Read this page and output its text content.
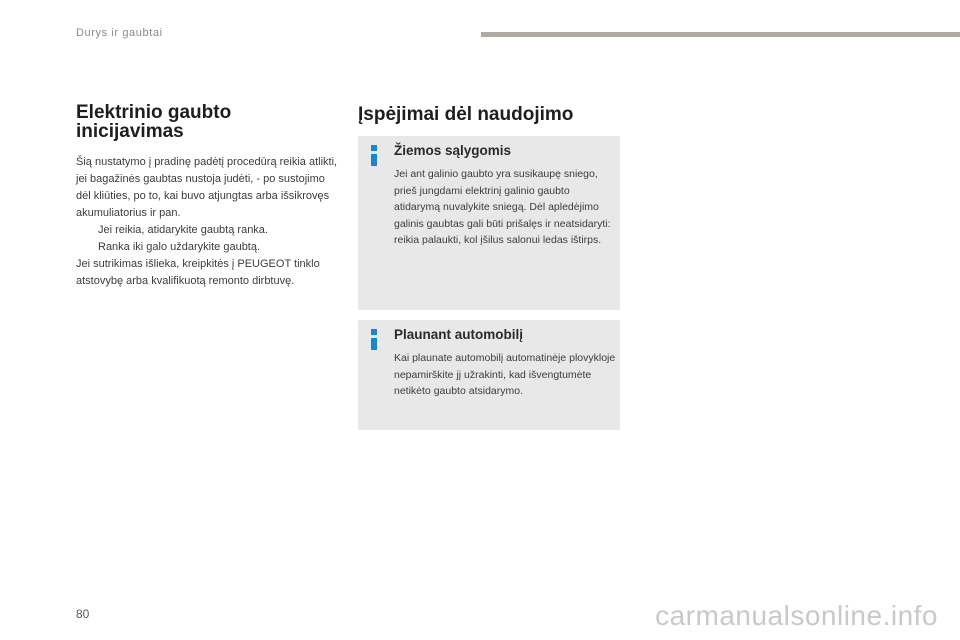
Durys ir gaubtai
Elektrinio gaubto
inicijavimas

Šią nustatymo į pradinę padėtį procedūrą reikia atlikti, jei bagažinės gaubtas nustoja judėti, - po sustojimo dėl kliūties, po to, kai buvo atjungtas arba išsikrovęs akumuliatorius ir pan.

Jei reikia, atidarykite gaubtą ranka.
Ranka iki galo uždarykite gaubtą.

Jei sutrikimas išlieka, kreipkitės į PEUGEOT tinklo atstovybę arba kvalifikuotą remonto dirbtuvę.

Įspėjimai dėl naudojimo
Žiemos sąlygomis

Jei ant galinio gaubto yra susikaupę sniego, prieš jungdami elektrinį galinio gaubto atidarymą nuvalykite sniegą. Dėl apledėjimo galinis gaubtas gali būti prišalęs ir neatsidaryti: reikia palaukti, kol įšilus salonui ledas ištirps.

Plaunant automobilį

Kai plaunate automobilį automatinėje plovykloje nepamirškite jį užrakinti, kad išvengtumėte netikėto gaubto atsidarymo.

80	carmanualsonline.info
